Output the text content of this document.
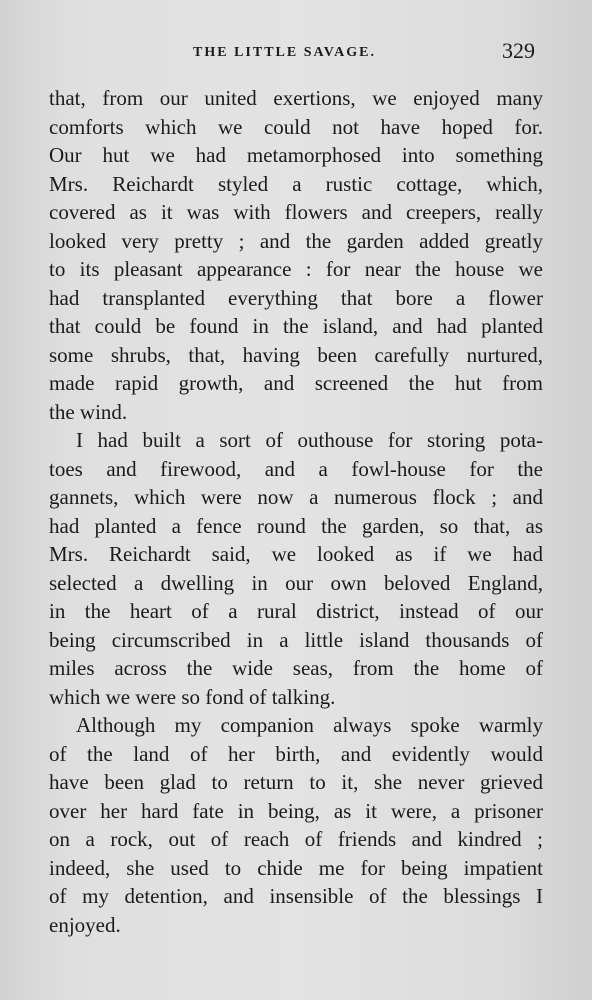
THE LITTLE SAVAGE.	329
that, from our united exertions, we enjoyed many
comforts which we could not have hoped for.
Our hut we had metamorphosed into something
Mrs. Reichardt styled a rustic cottage, which,
covered as it was with flowers and creepers, really
looked very pretty ; and the garden added greatly
to its pleasant appearance : for near the house we
had transplanted everything that bore a flower
that could be found in the island, and had planted
some shrubs, that, having been carefully nurtured,
made rapid growth, and screened the hut from
the wind.
I had built a sort of outhouse for storing pota-
toes and firewood, and a fowl-house for the
gannets, which were now a numerous flock ; and
had planted a fence round the garden, so that, as
Mrs. Reichardt said, we looked as if we had
selected a dwelling in our own beloved England,
in the heart of a rural district, instead of our
being circumscribed in a little island thousands of
miles across the wide seas, from the home of
which we were so fond of talking.
Although my companion always spoke warmly
of the land of her birth, and evidently would
have been glad to return to it, she never grieved
over her hard fate in being, as it were, a prisoner
on a rock, out of reach of friends and kindred ;
indeed, she used to chide me for being impatient
of my detention, and insensible of the blessings I
enjoyed.
